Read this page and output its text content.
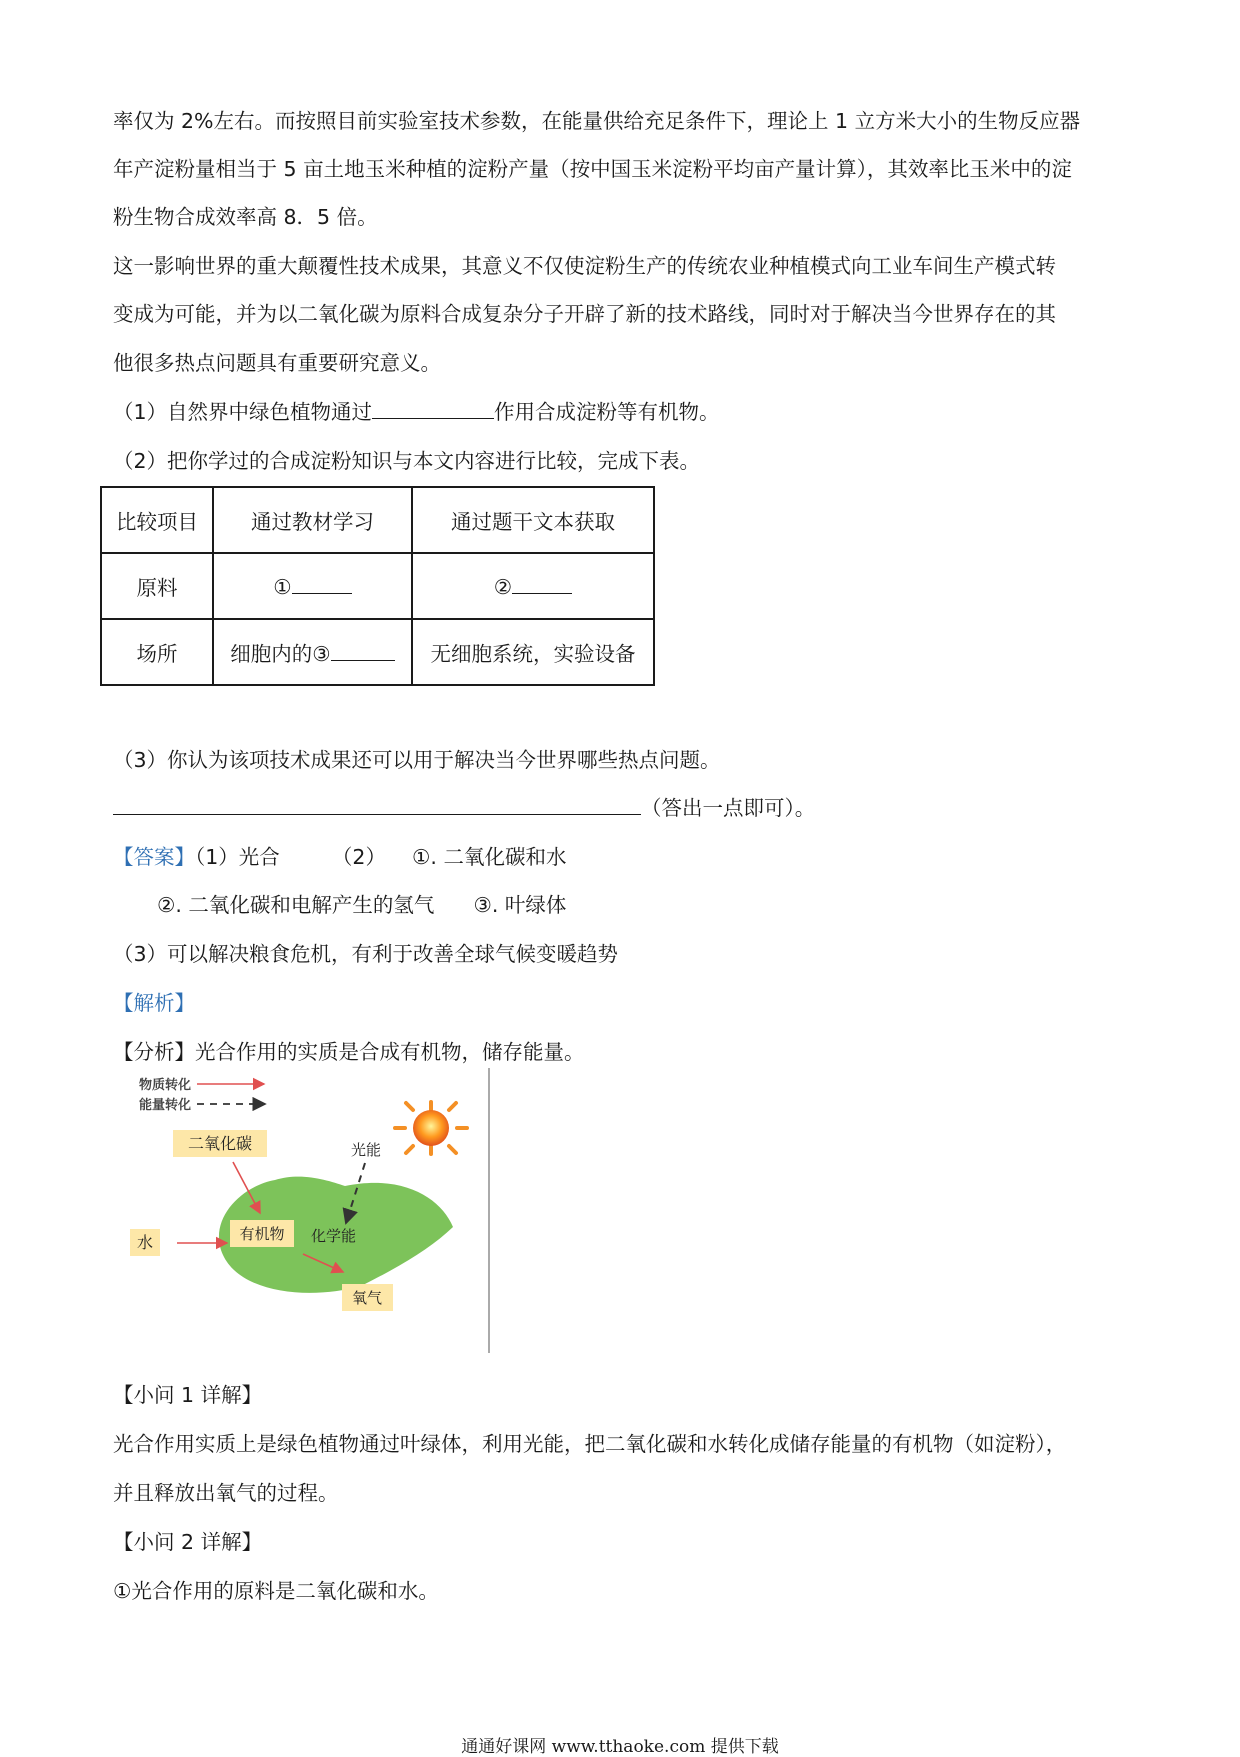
率仅为 2%左右。而按照目前实验室技术参数，在能量供给充足条件下，理论上 1 立方米大小的生物反应器
年产淀粉量相当于 5 亩土地玉米种植的淀粉产量（按中国玉米淀粉平均亩产量计算），其效率比玉米中的淀
粉生物合成效率高 8．5 倍。
这一影响世界的重大颠覆性技术成果，其意义不仅使淀粉生产的传统农业种植模式向工业车间生产模式转
变成为可能，并为以二氧化碳为原料合成复杂分子开辟了新的技术路线，同时对于解决当今世界存在的其
他很多热点问题具有重要研究意义。
（1）自然界中绿色植物通过	作用合成淀粉等有机物。
（2）把你学过的合成淀粉知识与本文内容进行比较，完成下表。
比较项目	通过教材学习	通过题干文本获取
原料	①	②
场所	细胞内的③	无细胞系统，实验设备
（3）你认为该项技术成果还可以用于解决当今世界哪些热点问题。
（答出一点即可）。
【答案】（1）光合        （2）    ①. 二氧化碳和水
②. 二氧化碳和电解产生的氢气      ③. 叶绿体
（3）可以解决粮食危机，有利于改善全球气候变暖趋势
【解析】
【分析】光合作用的实质是合成有机物，储存能量。
物质转化
能量转化
二氧化碳	光能
水	有机物 化学能
氧气
【小问 1 详解】
光合作用实质上是绿色植物通过叶绿体，利用光能，把二氧化碳和水转化成储存能量的有机物（如淀粉），
并且释放出氧气的过程。
【小问 2 详解】
①光合作用的原料是二氧化碳和水。
通通好课网 www.tthaoke.com 提供下载
